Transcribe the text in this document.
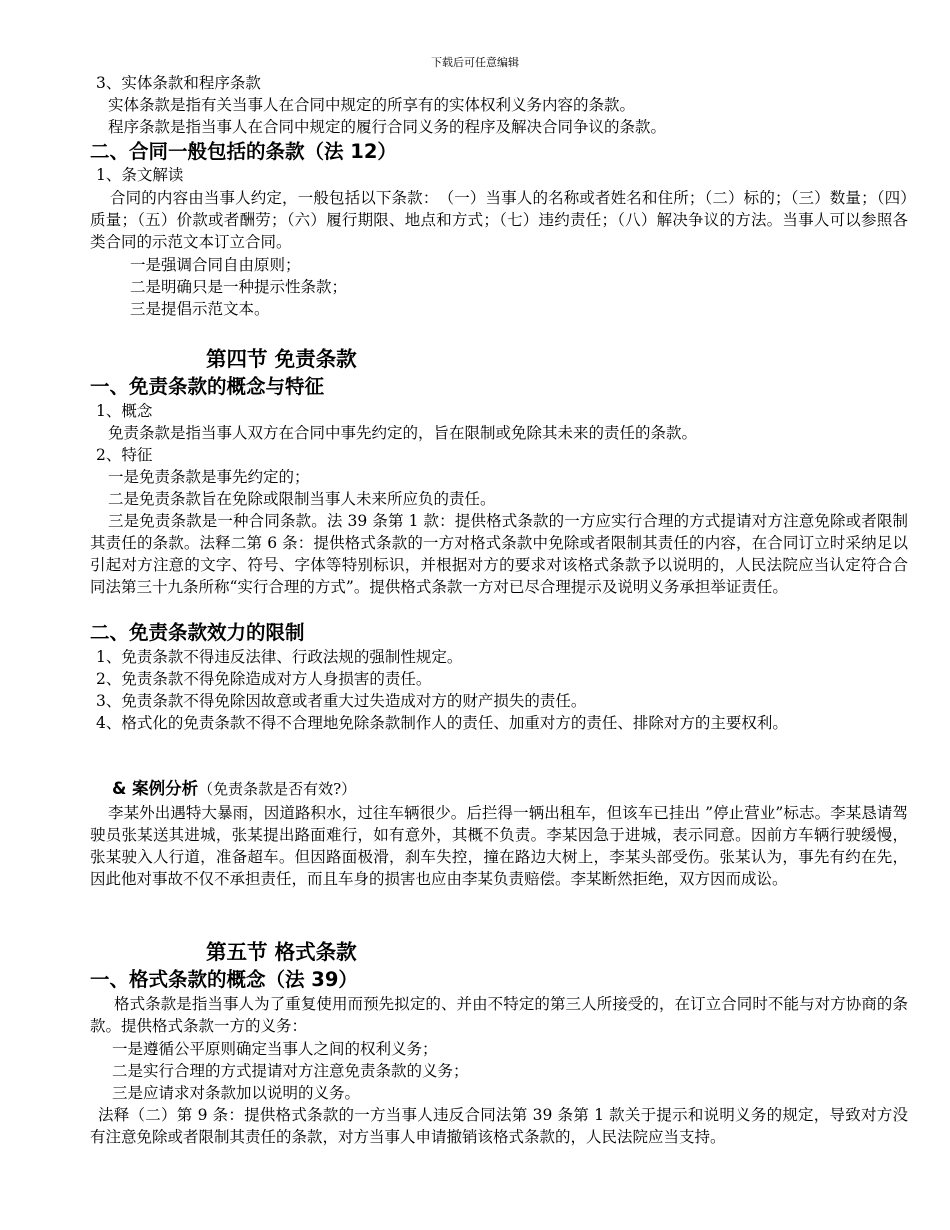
下载后可任意编辑
3、实体条款和程序条款
实体条款是指有关当事人在合同中规定的所享有的实体权利义务内容的条款。
程序条款是指当事人在合同中规定的履行合同义务的程序及解决合同争议的条款。
二、合同一般包括的条款（法 12）
1、条文解读
合同的内容由当事人约定，一般包括以下条款：　（一）当事人的名称或者姓名和住所；（二）标的；（三）数量；（四）质量；（五）价款或者酬劳；（六）履行期限、地点和方式；（七）违约责任；（八）解决争议的方法。当事人可以参照各类合同的示范文本订立合同。
一是强调合同自由原则；
二是明确只是一种提示性条款；
三是提倡示范文本。
第四节 免责条款
一、免责条款的概念与特征
1、概念
免责条款是指当事人双方在合同中事先约定的，旨在限制或免除其未来的责任的条款。
2、特征
一是免责条款是事先约定的；
二是免责条款旨在免除或限制当事人未来所应负的责任。
三是免责条款是一种合同条款。法 39 条第 1 款：提供格式条款的一方应实行合理的方式提请对方注意免除或者限制其责任的条款。法释二第 6 条：提供格式条款的一方对格式条款中免除或者限制其责任的内容，在合同订立时采纳足以引起对方注意的文字、符号、字体等特别标识，并根据对方的要求对该格式条款予以说明的，人民法院应当认定符合合同法第三十九条所称“实行合理的方式”。提供格式条款一方对已尽合理提示及说明义务承担举证责任。
二、免责条款效力的限制
1、免责条款不得违反法律、行政法规的强制性规定。
2、免责条款不得免除造成对方人身损害的责任。
3、免责条款不得免除因故意或者重大过失造成对方的财产损失的责任。
4、格式化的免责条款不得不合理地免除条款制作人的责任、加重对方的责任、排除对方的主要权利。
& 案例分析（免责条款是否有效?）
李某外出遇特大暴雨，因道路积水，过往车辆很少。后拦得一辆出租车，但该车已挂出 ”停止营业”标志。李某恳请驾驶员张某送其进城，张某提出路面难行，如有意外，其概不负责。李某因急于进城，表示同意。因前方车辆行驶缓慢，张某驶入人行道，准备超车。但因路面极滑，刹车失控，撞在路边大树上，李某头部受伤。张某认为，事先有约在先，因此他对事故不仅不承担责任，而且车身的损害也应由李某负责赔偿。李某断然拒绝，双方因而成讼。
第五节 格式条款
一、格式条款的概念（法 39）
格式条款是指当事人为了重复使用而预先拟定的、并由不特定的第三人所接受的，在订立合同时不能与对方协商的条款。提供格式条款一方的义务：
一是遵循公平原则确定当事人之间的权利义务；
二是实行合理的方式提请对方注意免责条款的义务；
三是应请求对条款加以说明的义务。
法释（二）第 9 条：提供格式条款的一方当事人违反合同法第 39 条第 1 款关于提示和说明义务的规定，导致对方没有注意免除或者限制其责任的条款，对方当事人申请撤销该格式条款的，人民法院应当支持。
